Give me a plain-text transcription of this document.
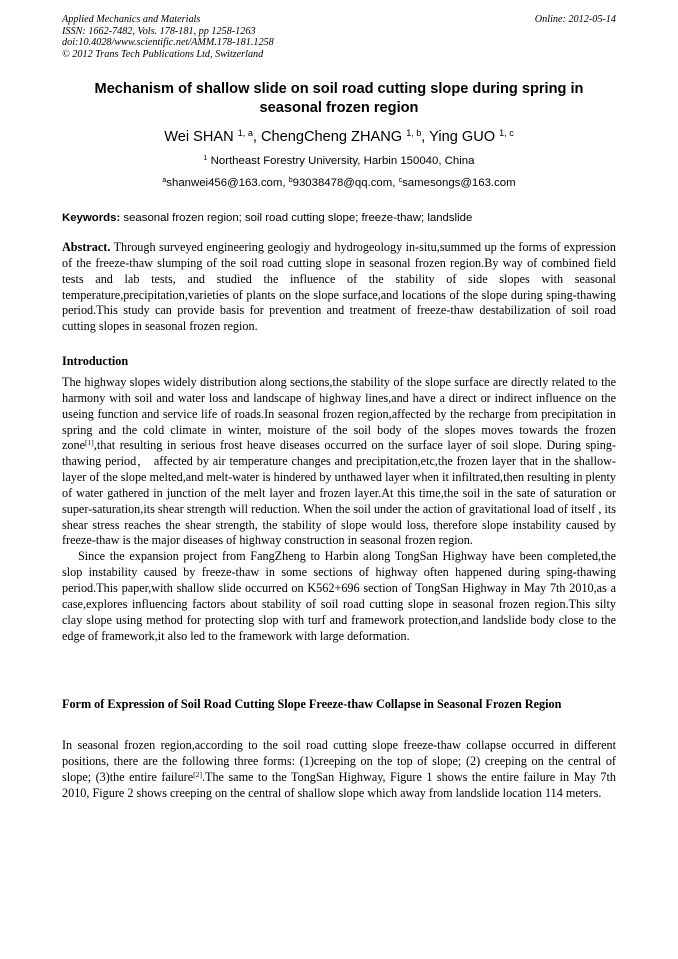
Applied Mechanics and Materials
ISSN: 1662-7482, Vols. 178-181, pp 1258-1263
doi:10.4028/www.scientific.net/AMM.178-181.1258
© 2012 Trans Tech Publications Ltd, Switzerland
Online: 2012-05-14
Mechanism of shallow slide on soil road cutting slope during spring in seasonal frozen region
Wei SHAN $^{1, a}$, ChengCheng ZHANG $^{1, b}$, Ying GUO $^{1, c}$
$^1$ Northeast Forestry University, Harbin 150040, China
$^a$shanwei456@163.com, $^b$93038478@qq.com, $^c$samesongs@163.com
Keywords: seasonal frozen region; soil road cutting slope; freeze-thaw; landslide
Abstract. Through surveyed engineering geologiy and hydrogeology in-situ,summed up the forms of expression of the freeze-thaw slumping of the soil road cutting slope in seasonal frozen region.By way of combined field tests and lab tests, and studied the influence of the stability of side slopes with seasonal temperature,precipitation,varieties of plants on the slope surface,and locations of the slope during sping-thawing period.This study can provide basis for prevention and treatment of freeze-thaw destabilization of soil road cutting slopes in seasonal frozen region.
Introduction

The highway slopes widely distribution along sections,the stability of the slope surface are directly related to the harmony with soil and water loss and landscape of highway lines,and have a direct or indirect influence on the useing function and service life of roads.In seasonal frozen region,affected by the recharge from precipitation in spring and the cold climate in winter, moisture of the soil body of the slopes moves towards the frozen zone[1],that resulting in serious frost heave diseases occurred on the surface layer of soil slope. During sping-thawing period， affected by air temperature changes and precipitation,etc,the frozen layer that in the shallow-layer of the slope melted,and melt-water is hindered by unthawed layer when it infiltrated,then resulting in plenty of water gathered in junction of the melt layer and frozen layer.At this time,the soil in the sate of saturation or super-saturation,its shear strength will reduction. When the soil under the action of gravitational load of itself , its shear stress reaches the shear strength, the stability of slope would loss, therefore slope instability caused by freeze-thaw is the major diseases of highway construction in seasonal frozen region.

Since the expansion project from FangZheng to Harbin along TongSan Highway have been completed,the slop instability caused by freeze-thaw in some sections of highway often happened during sping-thawing period.This paper,with shallow slide occurred on K562+696 section of TongSan Highway in May 7th 2010,as a case,explores influencing factors about stability of soil road cutting slope in seasonal frozen region.This silty clay slope using method for protecting slop with turf and framework protection,and landslide body close to the edge of framework,it also led to the framework with large deformation.

Form of Expression of Soil Road Cutting Slope Freeze-thaw Collapse in Seasonal Frozen Region

In seasonal frozen region,according to the soil road cutting slope freeze-thaw collapse occurred in different positions, there are the following three forms: (1)creeping on the top of slope; (2) creeping on the central of slope; (3)the entire failure[2].The same to the TongSan Highway, Figure 1 shows the entire failure in May 7th 2010, Figure 2 shows creeping on the central of shallow slope which away from landslide location 114 meters.
